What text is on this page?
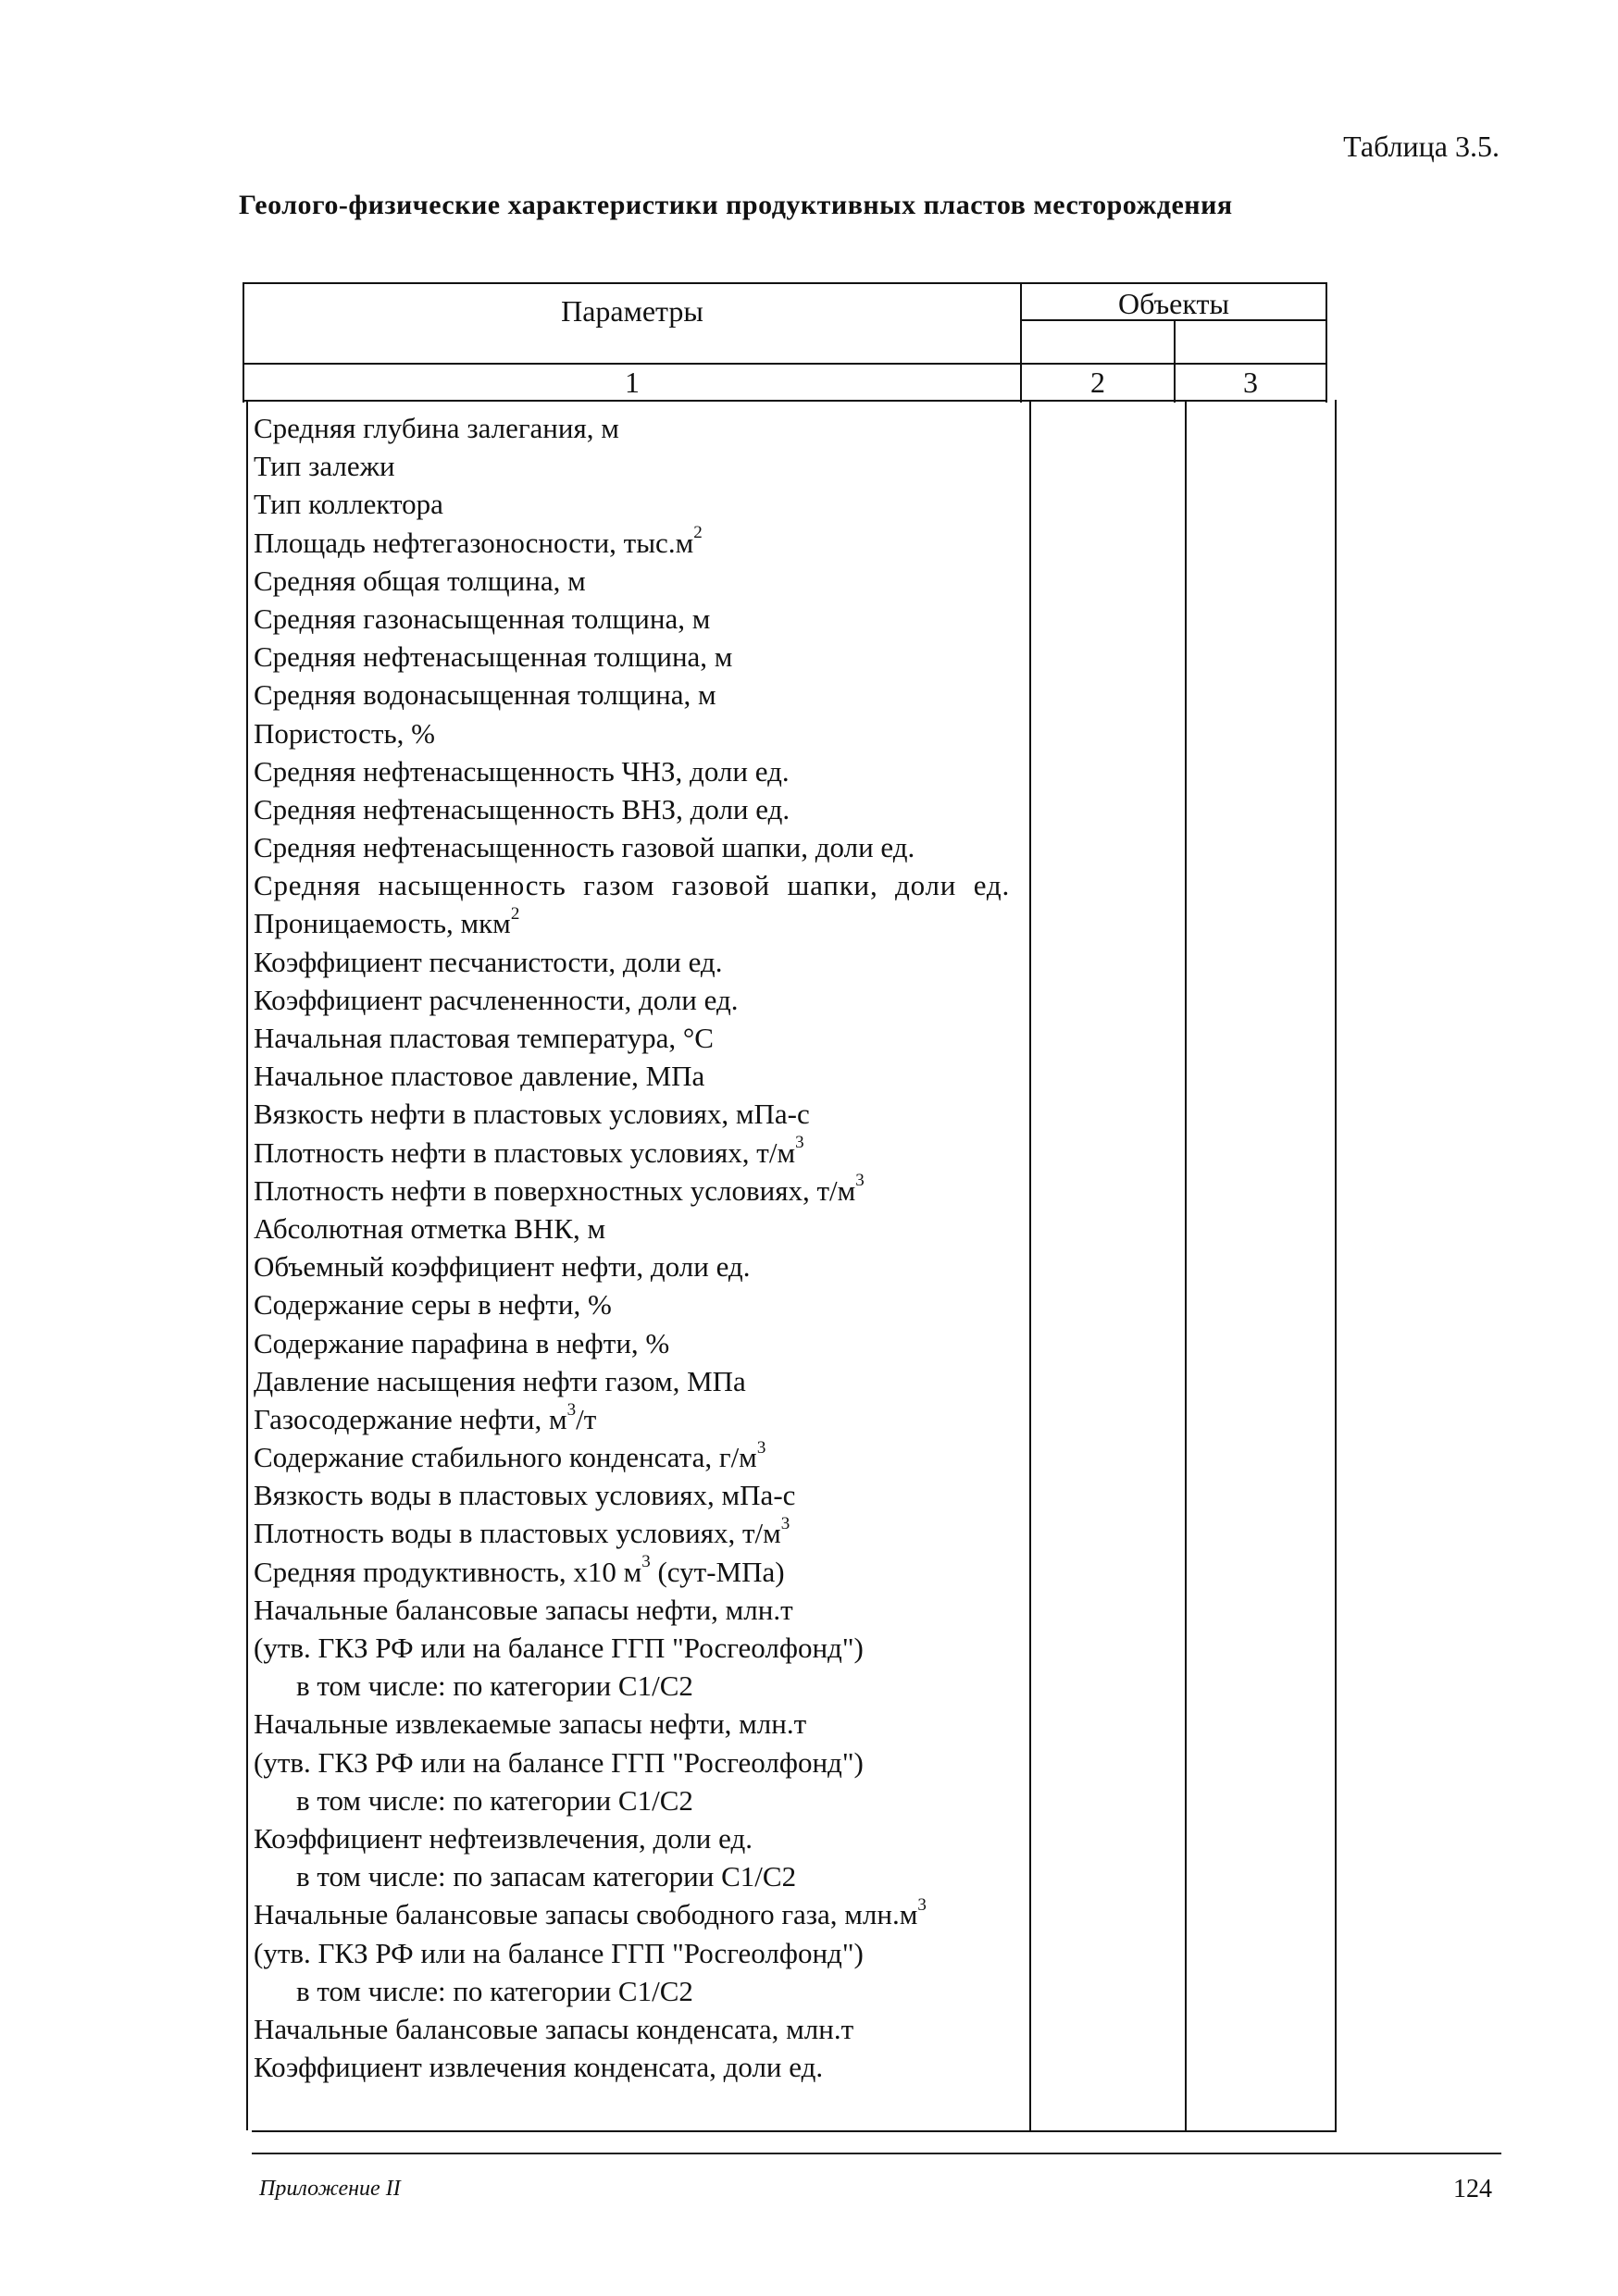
Таблица 3.5.
Геолого-физические характеристики продуктивных пластов месторождения
Параметры	Объекты
1	2	3
Средняя глубина залегания, м
Тип залежи
Тип коллектора
Площадь нефтегазоносности, $тыс.м^2$
Средняя общая толщина, м
Средняя газонасыщенная толщина, м
Средняя нефтенасыщенная толщина, м
Средняя водонасыщенная толщина, м
Пористость, %
Средняя нефтенасыщенность ЧНЗ, доли ед.
Средняя нефтенасыщенность ВНЗ, доли ед.
Средняя нефтенасыщенность газовой шапки, доли ед.
Средняя насыщенность газом газовой шапки, доли ед.
Проницаемость, мкм$^2$
Коэффициент песчанистости, доли ед.
Коэффициент расчлененности, доли ед.
Начальная пластовая температура, °С
Начальное пластовое давление, МПа
Вязкость нефти в пластовых условиях, мПа-с
Плотность нефти в пластовых условиях, $т/м^3$
Плотность нефти в поверхностных условиях, $т/м^3$
Абсолютная отметка ВНК, м
Объемный коэффициент нефти, доли ед.
Содержание серы в нефти, %
Содержание парафина в нефти, %
Давление насыщения нефти газом, МПа
Газосодержание нефти, $м^3/т$
Содержание стабильного конденсата, $г/м^3$
Вязкость воды в пластовых условиях, мПа-с
Плотность воды в пластовых условиях, $т/м^3$
Средняя продуктивность, х10 $м^3$ (сут-МПа)
Начальные балансовые запасы нефти, млн.т
(утв. ГКЗ РФ или на балансе ГГП "Росгеолфонд")
в том числе: по категории С1/С2
Начальные извлекаемые запасы нефти, млн.т
(утв. ГКЗ РФ или на балансе ГГП "Росгеолфонд")
в том числе: по категории С1/С2
Коэффициент нефтеизвлечения, доли ед.
в том числе: по запасам категории С1/С2
Начальные балансовые запасы свободного газа, $млн.м^3$
(утв. ГКЗ РФ или на балансе ГГП "Росгеолфонд")
в том числе: по категории С1/С2
Начальные балансовые запасы конденсата, млн.т
Коэффициент извлечения конденсата, доли ед.
Приложение II	124
